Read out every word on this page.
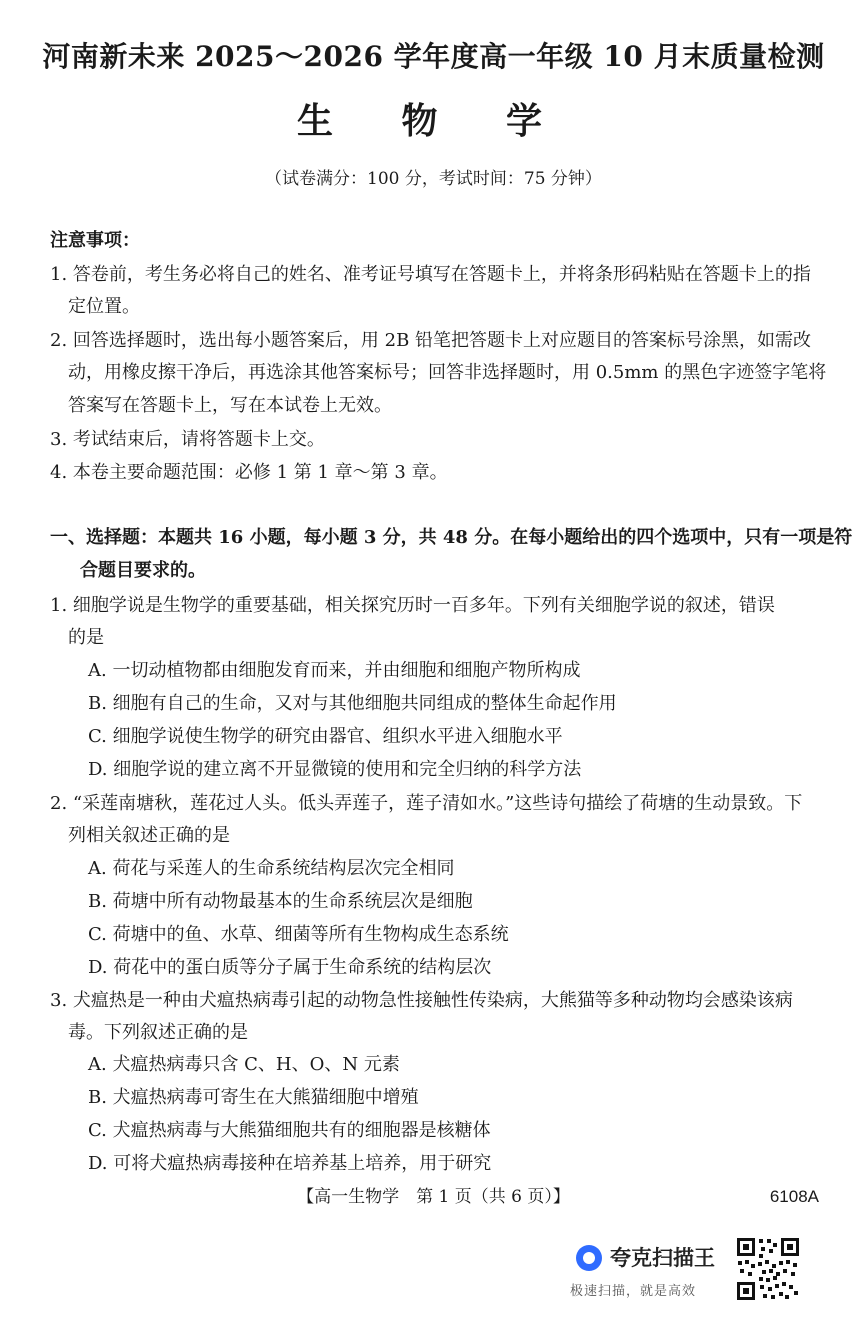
河南新未来 2025～2026 学年度高一年级 10 月末质量检测
生 物 学
（试卷满分：100 分，考试时间：75 分钟）
注意事项：
1. 答卷前，考生务必将自己的姓名、准考证号填写在答题卡上，并将条形码粘贴在答题卡上的指
定位置。
2. 回答选择题时，选出每小题答案后，用 2B 铅笔把答题卡上对应题目的答案标号涂黑，如需改
动，用橡皮擦干净后，再选涂其他答案标号；回答非选择题时，用 0.5mm 的黑色字迹签字笔将
答案写在答题卡上，写在本试卷上无效。
3. 考试结束后，请将答题卡上交。
4. 本卷主要命题范围：必修 1 第 1 章～第 3 章。
一、选择题：本题共 16 小题，每小题 3 分，共 48 分。在每小题给出的四个选项中，只有一项是符
合题目要求的。
1. 细胞学说是生物学的重要基础，相关探究历时一百多年。下列有关细胞学说的叙述，错误
的是
A. 一切动植物都由细胞发育而来，并由细胞和细胞产物所构成
B. 细胞有自己的生命，又对与其他细胞共同组成的整体生命起作用
C. 细胞学说使生物学的研究由器官、组织水平进入细胞水平
D. 细胞学说的建立离不开显微镜的使用和完全归纳的科学方法
2. “采莲南塘秋，莲花过人头。低头弄莲子，莲子清如水。”这些诗句描绘了荷塘的生动景致。下
列相关叙述正确的是
A. 荷花与采莲人的生命系统结构层次完全相同
B. 荷塘中所有动物最基本的生命系统层次是细胞
C. 荷塘中的鱼、水草、细菌等所有生物构成生态系统
D. 荷花中的蛋白质等分子属于生命系统的结构层次
3. 犬瘟热是一种由犬瘟热病毒引起的动物急性接触性传染病，大熊猫等多种动物均会感染该病
毒。下列叙述正确的是
A. 犬瘟热病毒只含 C、H、O、N 元素
B. 犬瘟热病毒可寄生在大熊猫细胞中增殖
C. 犬瘟热病毒与大熊猫细胞共有的细胞器是核糖体
D. 可将犬瘟热病毒接种在培养基上培养，用于研究
【高一生物学　第 1 页（共 6 页）】	6108A
夸克扫描王
极速扫描，就是高效
